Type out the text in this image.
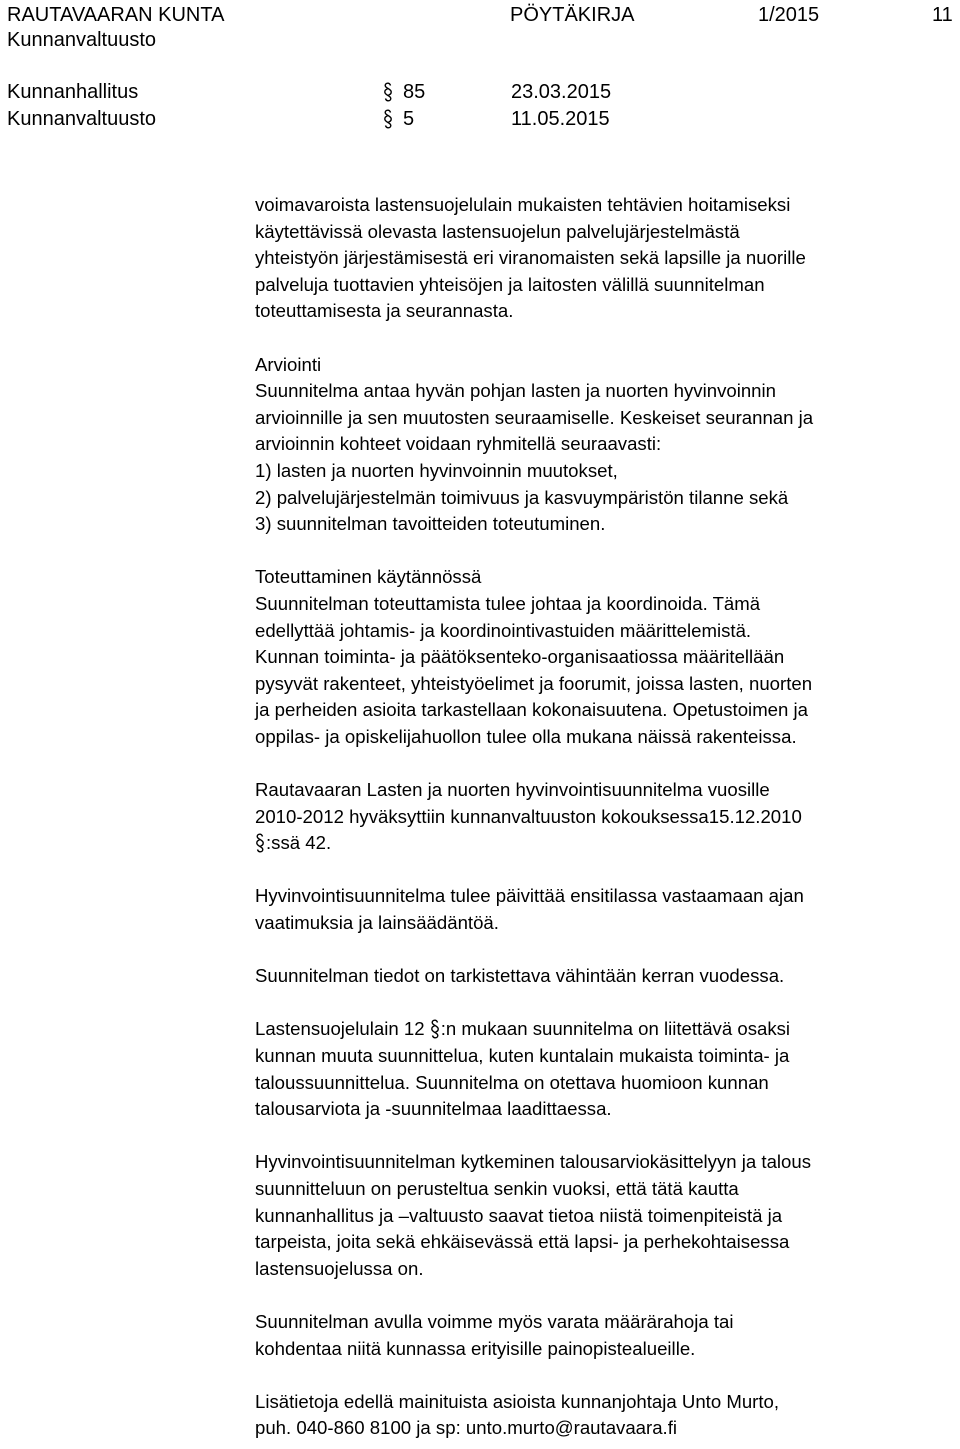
RAUTAVAARAN KUNTA	PÖYTÄKIRJA	1/2015	11
Kunnanvaltuusto
Kunnanhallitus	85	23.03.2015
Kunnanvaltuusto	5	11.05.2015
voimavaroista lastensuojelulain mukaisten tehtävien hoitamiseksi
käytettävissä olevasta lastensuojelun palvelujärjestelmästä
yhteistyön järjestämisestä eri viranomaisten sekä lapsille ja nuorille
palveluja tuottavien yhteisöjen ja laitosten välillä suunnitelman
toteuttamisesta ja seurannasta.
Arviointi
Suunnitelma antaa hyvän pohjan lasten ja nuorten hyvinvoinnin
arvioinnille ja sen muutosten seuraamiselle. Keskeiset seurannan ja
arvioinnin kohteet voidaan ryhmitellä seuraavasti:
1) lasten ja nuorten hyvinvoinnin muutokset,
2) palvelujärjestelmän toimivuus ja kasvuympäristön tilanne sekä
3) suunnitelman tavoitteiden toteutuminen.
Toteuttaminen käytännössä
Suunnitelman toteuttamista tulee johtaa ja koordinoida. Tämä
edellyttää johtamis- ja koordinointivastuiden määrittelemistä.
Kunnan toiminta- ja päätöksenteko-organisaatiossa määritellään
pysyvät rakenteet, yhteistyöelimet ja foorumit, joissa lasten, nuorten
ja perheiden asioita tarkastellaan kokonaisuutena. Opetustoimen ja
oppilas- ja opiskelijahuollon tulee olla mukana näissä rakenteissa.
Rautavaaran Lasten ja nuorten hyvinvointisuunnitelma vuosille
2010-2012 hyväksyttiin kunnanvaltuuston kokouksessa15.12.2010
:ssä 42.
Hyvinvointisuunnitelma tulee päivittää ensitilassa vastaamaan ajan
vaatimuksia ja lainsäädäntöä.
Suunnitelman tiedot on tarkistettava vähintään kerran vuodessa.
Lastensuojelulain 12 :n mukaan suunnitelma on liitettävä osaksi
kunnan muuta suunnittelua, kuten kuntalain mukaista toiminta- ja
taloussuunnittelua. Suunnitelma on otettava huomioon kunnan
talousarviota ja -suunnitelmaa laadittaessa.
Hyvinvointisuunnitelman kytkeminen talousarviokäsittelyyn ja talous
suunnitteluun on perusteltua senkin vuoksi, että tätä kautta
kunnanhallitus ja –valtuusto saavat tietoa niistä toimenpiteistä ja
tarpeista, joita sekä ehkäisevässä että lapsi- ja perhekohtaisessa
lastensuojelussa on.
Suunnitelman avulla voimme myös varata määrärahoja tai
kohdentaa niitä kunnassa erityisille painopistealueille.
Lisätietoja edellä mainituista asioista kunnanjohtaja Unto Murto,
puh. 040-860 8100 ja sp: unto.murto@rautavaara.fi
